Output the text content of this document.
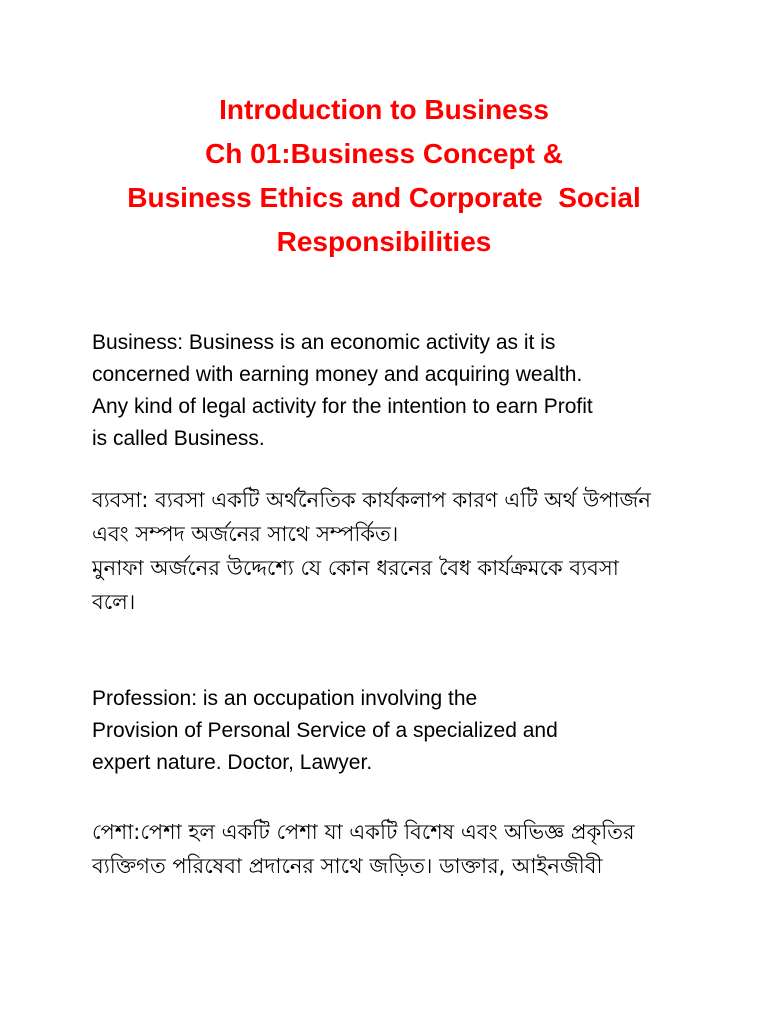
Introduction to Business
Ch 01:Business Concept &
Business Ethics and Corporate  Social
Responsibilities
Business: Business is an economic activity as it is
concerned with earning money and acquiring wealth.
Any kind of legal activity for the intention to earn Profit
is called Business.
ব্যবসা: ব্যবসা একটি অর্থনৈতিক কার্যকলাপ কারণ এটি অর্থ উপার্জন
এবং সম্পদ অর্জনের সাথে সম্পর্কিত।
মুনাফা অর্জনের উদ্দেশ্যে যে কোন ধরনের বৈধ কার্যক্রমকে ব্যবসা
বলে।
Profession: is an occupation involving the
Provision of Personal Service of a specialized and
expert nature. Doctor, Lawyer.
পেশা:পেশা হল একটি পেশা যা একটি বিশেষ এবং অভিজ্ঞ প্রকৃতির
ব্যক্তিগত পরিষেবা প্রদানের সাথে জড়িত। ডাক্তার, আইনজীবী
